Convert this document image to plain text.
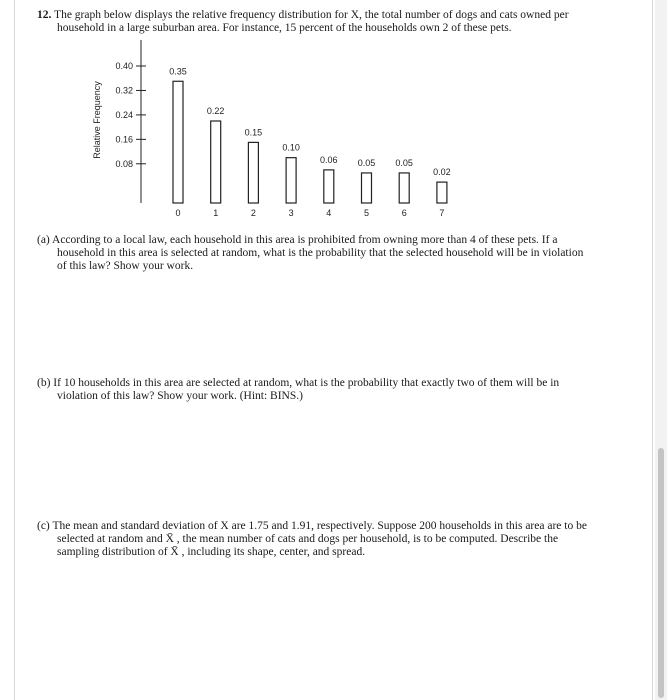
12. The graph below displays the relative frequency distribution for X, the total number of dogs and cats owned per
household in a large suburban area. For instance, 15 percent of the households own 2 of these pets.
Relative Frequency
0.08
0.16
0.24
0.32
0.40
0.35
0
0.22
1
0.15
2
0.10
3
0.06
4
0.05
5
0.05
6
0.02
7
(a) According to a local law, each household in this area is prohibited from owning more than 4 of these pets. If a
household in this area is selected at random, what is the probability that the selected household will be in violation
of this law? Show your work.
(b) If 10 households in this area are selected at random, what is the probability that exactly two of them will be in
violation of this law? Show your work. (Hint: BINS.)
(c) The mean and standard deviation of X are 1.75 and 1.91, respectively. Suppose 200 households in this area are to be
selected at random and X̄ , the mean number of cats and dogs per household, is to be computed. Describe the
sampling distribution of X̄ , including its shape, center, and spread.
